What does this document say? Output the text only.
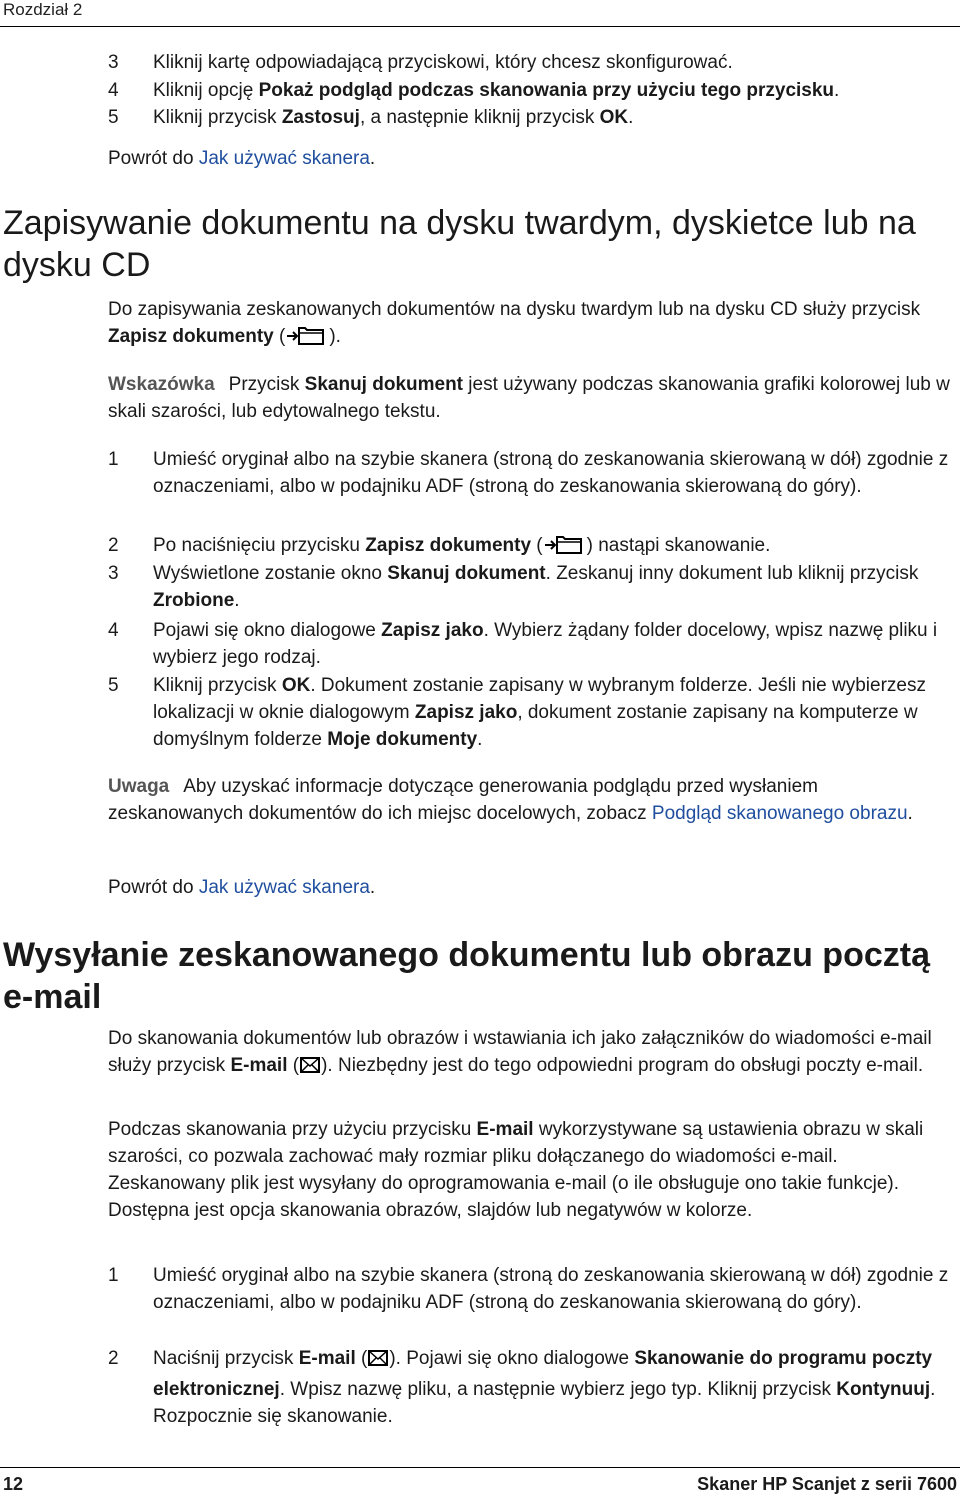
Rozdział 2
3	Kliknij kartę odpowiadającą przyciskowi, który chcesz skonfigurować.
4	Kliknij opcję Pokaż podgląd podczas skanowania przy użyciu tego przycisku.
5	Kliknij przycisk Zastosuj, a następnie kliknij przycisk OK.
Powrót do Jak używać skanera.
Zapisywanie dokumentu na dysku twardym, dyskietce lub na dysku CD
Do zapisywania zeskanowanych dokumentów na dysku twardym lub na dysku CD służy przycisk Zapisz dokumenty ( ).
Wskazówka Przycisk Skanuj dokument jest używany podczas skanowania grafiki kolorowej lub w skali szarości, lub edytowalnego tekstu.
1	Umieść oryginał albo na szybie skanera (stroną do zeskanowania skierowaną w dół) zgodnie z oznaczeniami, albo w podajniku ADF (stroną do zeskanowania skierowaną do góry).
2	Po naciśnięciu przycisku Zapisz dokumenty ( ) nastąpi skanowanie.
3	Wyświetlone zostanie okno Skanuj dokument. Zeskanuj inny dokument lub kliknij przycisk Zrobione.
4	Pojawi się okno dialogowe Zapisz jako. Wybierz żądany folder docelowy, wpisz nazwę pliku i wybierz jego rodzaj.
5	Kliknij przycisk OK. Dokument zostanie zapisany w wybranym folderze. Jeśli nie wybierzesz lokalizacji w oknie dialogowym Zapisz jako, dokument zostanie zapisany na komputerze w domyślnym folderze Moje dokumenty.
Uwaga Aby uzyskać informacje dotyczące generowania podglądu przed wysłaniem zeskanowanych dokumentów do ich miejsc docelowych, zobacz Podgląd skanowanego obrazu.
Powrót do Jak używać skanera.
Wysyłanie zeskanowanego dokumentu lub obrazu pocztą e-mail
Do skanowania dokumentów lub obrazów i wstawiania ich jako załączników do wiadomości e-mail służy przycisk E-mail ( ). Niezbędny jest do tego odpowiedni program do obsługi poczty e-mail.
Podczas skanowania przy użyciu przycisku E-mail wykorzystywane są ustawienia obrazu w skali szarości, co pozwala zachować mały rozmiar pliku dołączanego do wiadomości e-mail. Zeskanowany plik jest wysyłany do oprogramowania e-mail (o ile obsługuje ono takie funkcje). Dostępna jest opcja skanowania obrazów, slajdów lub negatywów w kolorze.
1	Umieść oryginał albo na szybie skanera (stroną do zeskanowania skierowaną w dół) zgodnie z oznaczeniami, albo w podajniku ADF (stroną do zeskanowania skierowaną do góry).
2	Naciśnij przycisk E-mail ( ). Pojawi się okno dialogowe Skanowanie do programu poczty elektronicznej. Wpisz nazwę pliku, a następnie wybierz jego typ. Kliknij przycisk Kontynuuj. Rozpocznie się skanowanie.
12	Skaner HP Scanjet z serii 7600
